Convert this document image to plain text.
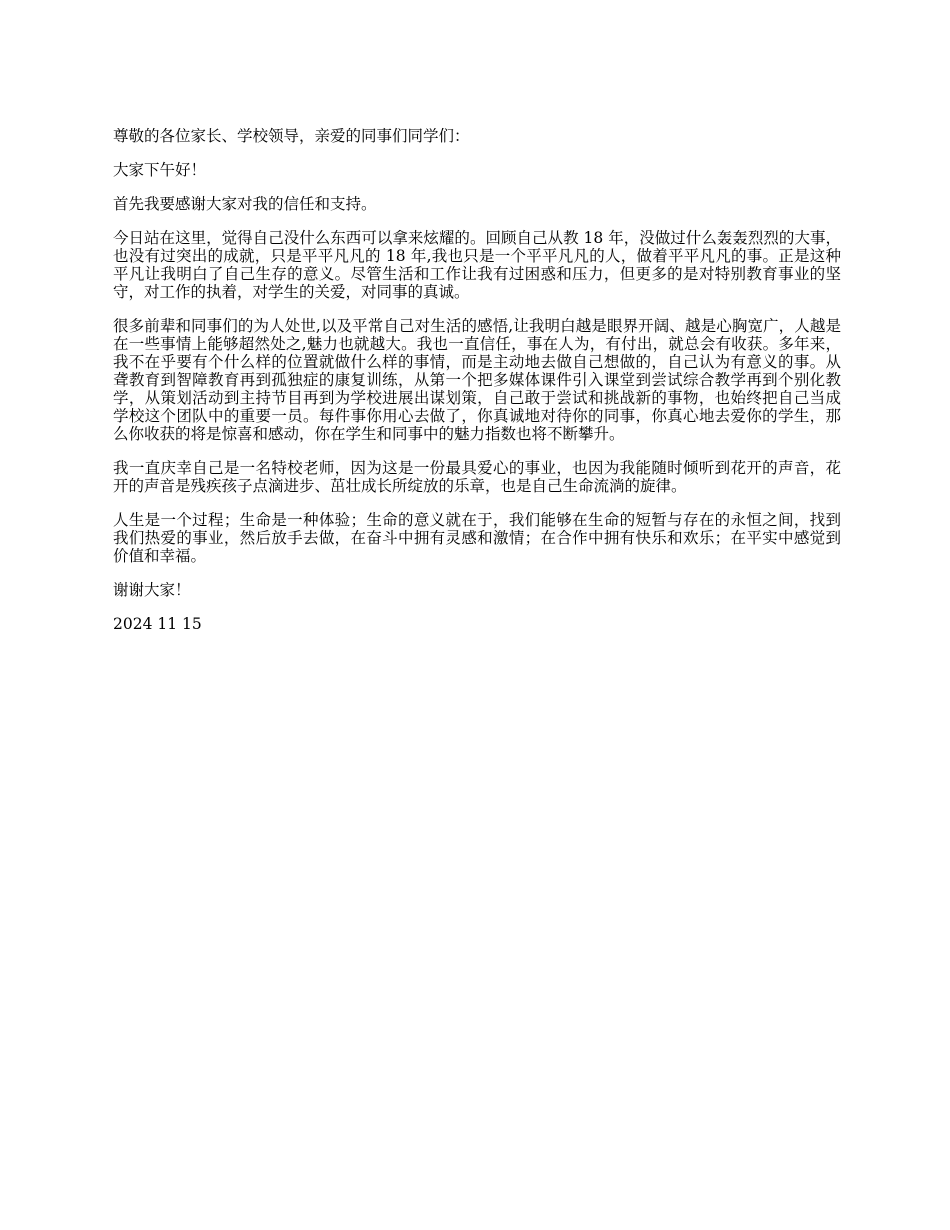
尊敬的各位家长、学校领导，亲爱的同事们同学们：

大家下午好！

首先我要感谢大家对我的信任和支持。

今日站在这里，觉得自己没什么东西可以拿来炫耀的。回顾自己从教 18 年，没做过什么轰轰烈烈的大事，也没有过突出的成就，只是平平凡凡的 18 年,我也只是一个平平凡凡的人，做着平平凡凡的事。正是这种平凡让我明白了自己生存的意义。尽管生活和工作让我有过困惑和压力，但更多的是对特别教育事业的坚守，对工作的执着，对学生的关爱，对同事的真诚。

很多前辈和同事们的为人处世,以及平常自己对生活的感悟,让我明白越是眼界开阔、越是心胸宽广，人越是在一些事情上能够超然处之,魅力也就越大。我也一直信任，事在人为，有付出，就总会有收获。多年来，我不在乎要有个什么样的位置就做什么样的事情，而是主动地去做自己想做的，自己认为有意义的事。从聋教育到智障教育再到孤独症的康复训练，从第一个把多媒体课件引入课堂到尝试综合教学再到个别化教学，从策划活动到主持节目再到为学校进展出谋划策，自己敢于尝试和挑战新的事物，也始终把自己当成学校这个团队中的重要一员。每件事你用心去做了，你真诚地对待你的同事，你真心地去爱你的学生，那么你收获的将是惊喜和感动，你在学生和同事中的魅力指数也将不断攀升。

我一直庆幸自己是一名特校老师，因为这是一份最具爱心的事业，也因为我能随时倾听到花开的声音，花开的声音是残疾孩子点滴进步、茁壮成长所绽放的乐章，也是自己生命流淌的旋律。

人生是一个过程；生命是一种体验；生命的意义就在于，我们能够在生命的短暂与存在的永恒之间，找到我们热爱的事业，然后放手去做，在奋斗中拥有灵感和激情；在合作中拥有快乐和欢乐；在平实中感觉到价值和幸福。

谢谢大家！

2024 11 15
